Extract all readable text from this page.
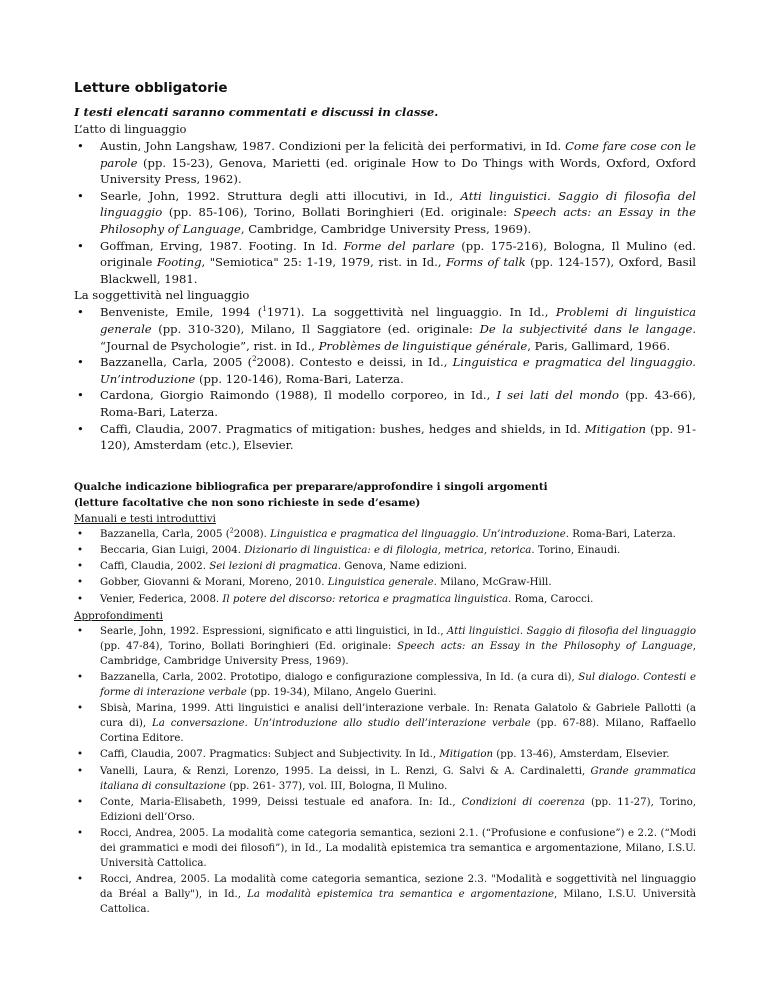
Letture obbligatorie
I testi elencati saranno commentati e discussi in classe.
L’atto di linguaggio
• Austin, John Langshaw, 1987. Condizioni per la felicità dei performativi, in Id. Come fare cose con le parole (pp. 15-23), Genova, Marietti (ed. originale How to Do Things with Words, Oxford, Oxford University Press, 1962).
• Searle, John, 1992. Struttura degli atti illocutivi, in Id., Atti linguistici. Saggio di filosofia del linguaggio (pp. 85-106), Torino, Bollati Boringhieri (Ed. originale: Speech acts: an Essay in the Philosophy of Language, Cambridge, Cambridge University Press, 1969).
• Goffman, Erving, 1987. Footing. In Id. Forme del parlare (pp. 175-216), Bologna, Il Mulino (ed. originale Footing, "Semiotica" 25: 1-19, 1979, rist. in Id., Forms of talk (pp. 124-157), Oxford, Basil Blackwell, 1981.
La soggettività nel linguaggio
• Benveniste, Emile, 1994 ($^1$1971). La soggettività nel linguaggio. In Id., Problemi di linguistica generale (pp. 310-320), Milano, Il Saggiatore (ed. originale: De la subjectivité dans le langage. “Journal de Psychologie”, rist. in Id., Problèmes de linguistique générale, Paris, Gallimard, 1966.
• Bazzanella, Carla, 2005 ($^2$2008). Contesto e deissi, in Id., Linguistica e pragmatica del linguaggio. Un’introduzione (pp. 120-146), Roma-Bari, Laterza.
• Cardona, Giorgio Raimondo (1988), Il modello corporeo, in Id., I sei lati del mondo (pp. 43-66), Roma-Bari, Laterza.
• Caffi, Claudia, 2007. Pragmatics of mitigation: bushes, hedges and shields, in Id. Mitigation (pp. 91-120), Amsterdam (etc.), Elsevier.
Qualche indicazione bibliografica per preparare/approfondire i singoli argomenti
(letture facoltative che non sono richieste in sede d’esame)
Manuali e testi introduttivi
• Bazzanella, Carla, 2005 ($^2$2008). Linguistica e pragmatica del linguaggio. Un’introduzione. Roma-Bari, Laterza.
• Beccaria, Gian Luigi, 2004. Dizionario di linguistica: e di filologia, metrica, retorica. Torino, Einaudi.
• Caffi, Claudia, 2002. Sei lezioni di pragmatica. Genova, Name edizioni.
• Gobber, Giovanni & Morani, Moreno, 2010. Linguistica generale. Milano, McGraw-Hill.
• Venier, Federica, 2008. Il potere del discorso: retorica e pragmatica linguistica. Roma, Carocci.
Approfondimenti
• Searle, John, 1992. Espressioni, significato e atti linguistici, in Id., Atti linguistici. Saggio di filosofia del linguaggio (pp. 47-84), Torino, Bollati Boringhieri (Ed. originale: Speech acts: an Essay in the Philosophy of Language, Cambridge, Cambridge University Press, 1969).
• Bazzanella, Carla, 2002. Prototipo, dialogo e configurazione complessiva, In Id. (a cura di), Sul dialogo. Contesti e forme di interazione verbale (pp. 19-34), Milano, Angelo Guerini.
• Sbisà, Marina, 1999. Atti linguistici e analisi dell’interazione verbale. In: Renata Galatolo & Gabriele Pallotti (a cura di), La conversazione. Un’introduzione allo studio dell’interazione verbale (pp. 67-88). Milano, Raffaello Cortina Editore.
• Caffi, Claudia, 2007. Pragmatics: Subject and Subjectivity. In Id., Mitigation (pp. 13-46), Amsterdam, Elsevier.
• Vanelli, Laura, & Renzi, Lorenzo, 1995. La deissi, in L. Renzi, G. Salvi & A. Cardinaletti, Grande grammatica italiana di consultazione (pp. 261- 377), vol. III, Bologna, Il Mulino.
• Conte, Maria-Elisabeth, 1999, Deissi testuale ed anafora. In: Id., Condizioni di coerenza (pp. 11-27), Torino, Edizioni dell’Orso.
• Rocci, Andrea, 2005. La modalità come categoria semantica, sezioni 2.1. (“Profusione e confusione”) e 2.2. (“Modi dei grammatici e modi dei filosofi”), in Id., La modalità epistemica tra semantica e argomentazione, Milano, I.S.U. Università Cattolica.
• Rocci, Andrea, 2005. La modalità come categoria semantica, sezione 2.3. "Modalità e soggettività nel linguaggio da Bréal a Bally"), in Id., La modalità epistemica tra semantica e argomentazione, Milano, I.S.U. Università Cattolica.
